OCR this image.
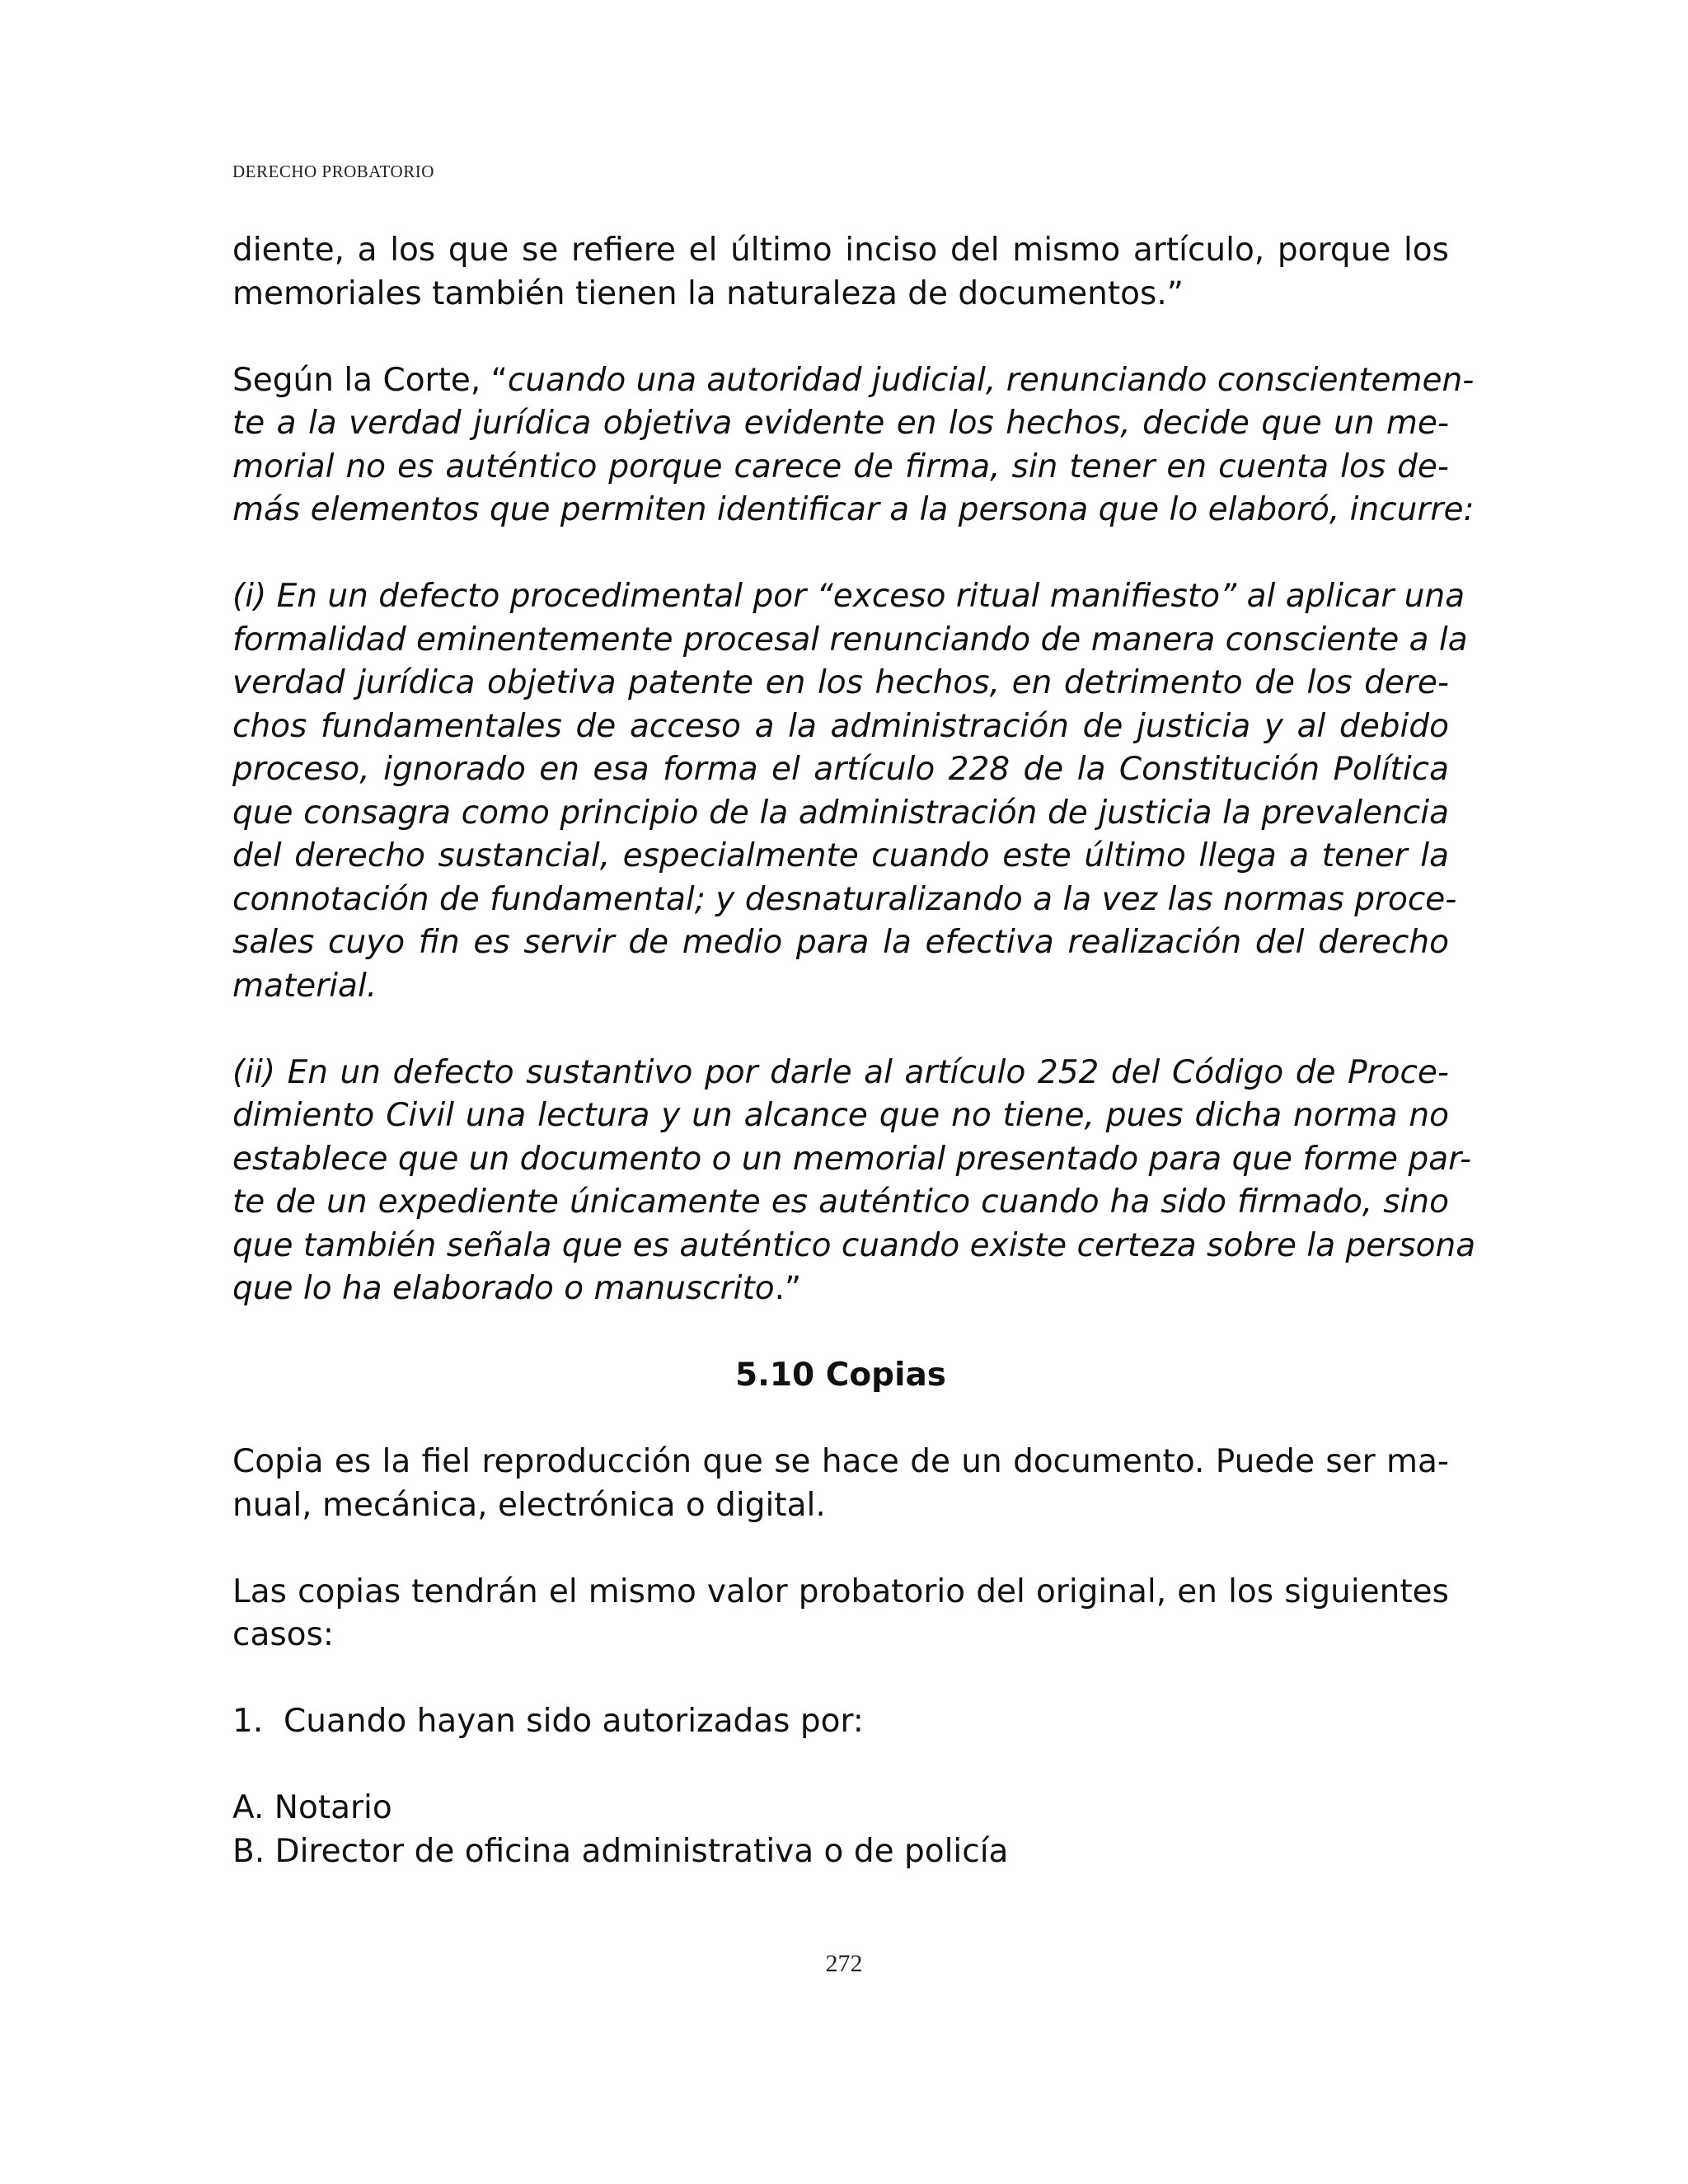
DERECHO PROBATORIO
diente, a los que se refiere el último inciso del mismo artículo, porque los
memoriales también tienen la naturaleza de documentos.”
Según la Corte, “cuando una autoridad judicial, renunciando conscientemen-
te a la verdad jurídica objetiva evidente en los hechos, decide que un me-
morial no es auténtico porque carece de firma, sin tener en cuenta los de-
más elementos que permiten identificar a la persona que lo elaboró, incurre:
(i) En un defecto procedimental por “exceso ritual manifiesto” al aplicar una
formalidad eminentemente procesal renunciando de manera consciente a la
verdad jurídica objetiva patente en los hechos, en detrimento de los dere-
chos fundamentales de acceso a la administración de justicia y al debido
proceso, ignorado en esa forma el artículo 228 de la Constitución Política
que consagra como principio de la administración de justicia la prevalencia
del derecho sustancial, especialmente cuando este último llega a tener la
connotación de fundamental; y desnaturalizando a la vez las normas proce-
sales cuyo fin es servir de medio para la efectiva realización del derecho
material.
(ii) En un defecto sustantivo por darle al artículo 252 del Código de Proce-
dimiento Civil una lectura y un alcance que no tiene, pues dicha norma no
establece que un documento o un memorial presentado para que forme par-
te de un expediente únicamente es auténtico cuando ha sido firmado, sino
que también señala que es auténtico cuando existe certeza sobre la persona
que lo ha elaborado o manuscrito.”
5.10 Copias
Copia es la fiel reproducción que se hace de un documento. Puede ser ma-
nual, mecánica, electrónica o digital.
Las copias tendrán el mismo valor probatorio del original, en los siguientes
casos:
1. Cuando hayan sido autorizadas por:
A. Notario
B. Director de oficina administrativa o de policía
272
